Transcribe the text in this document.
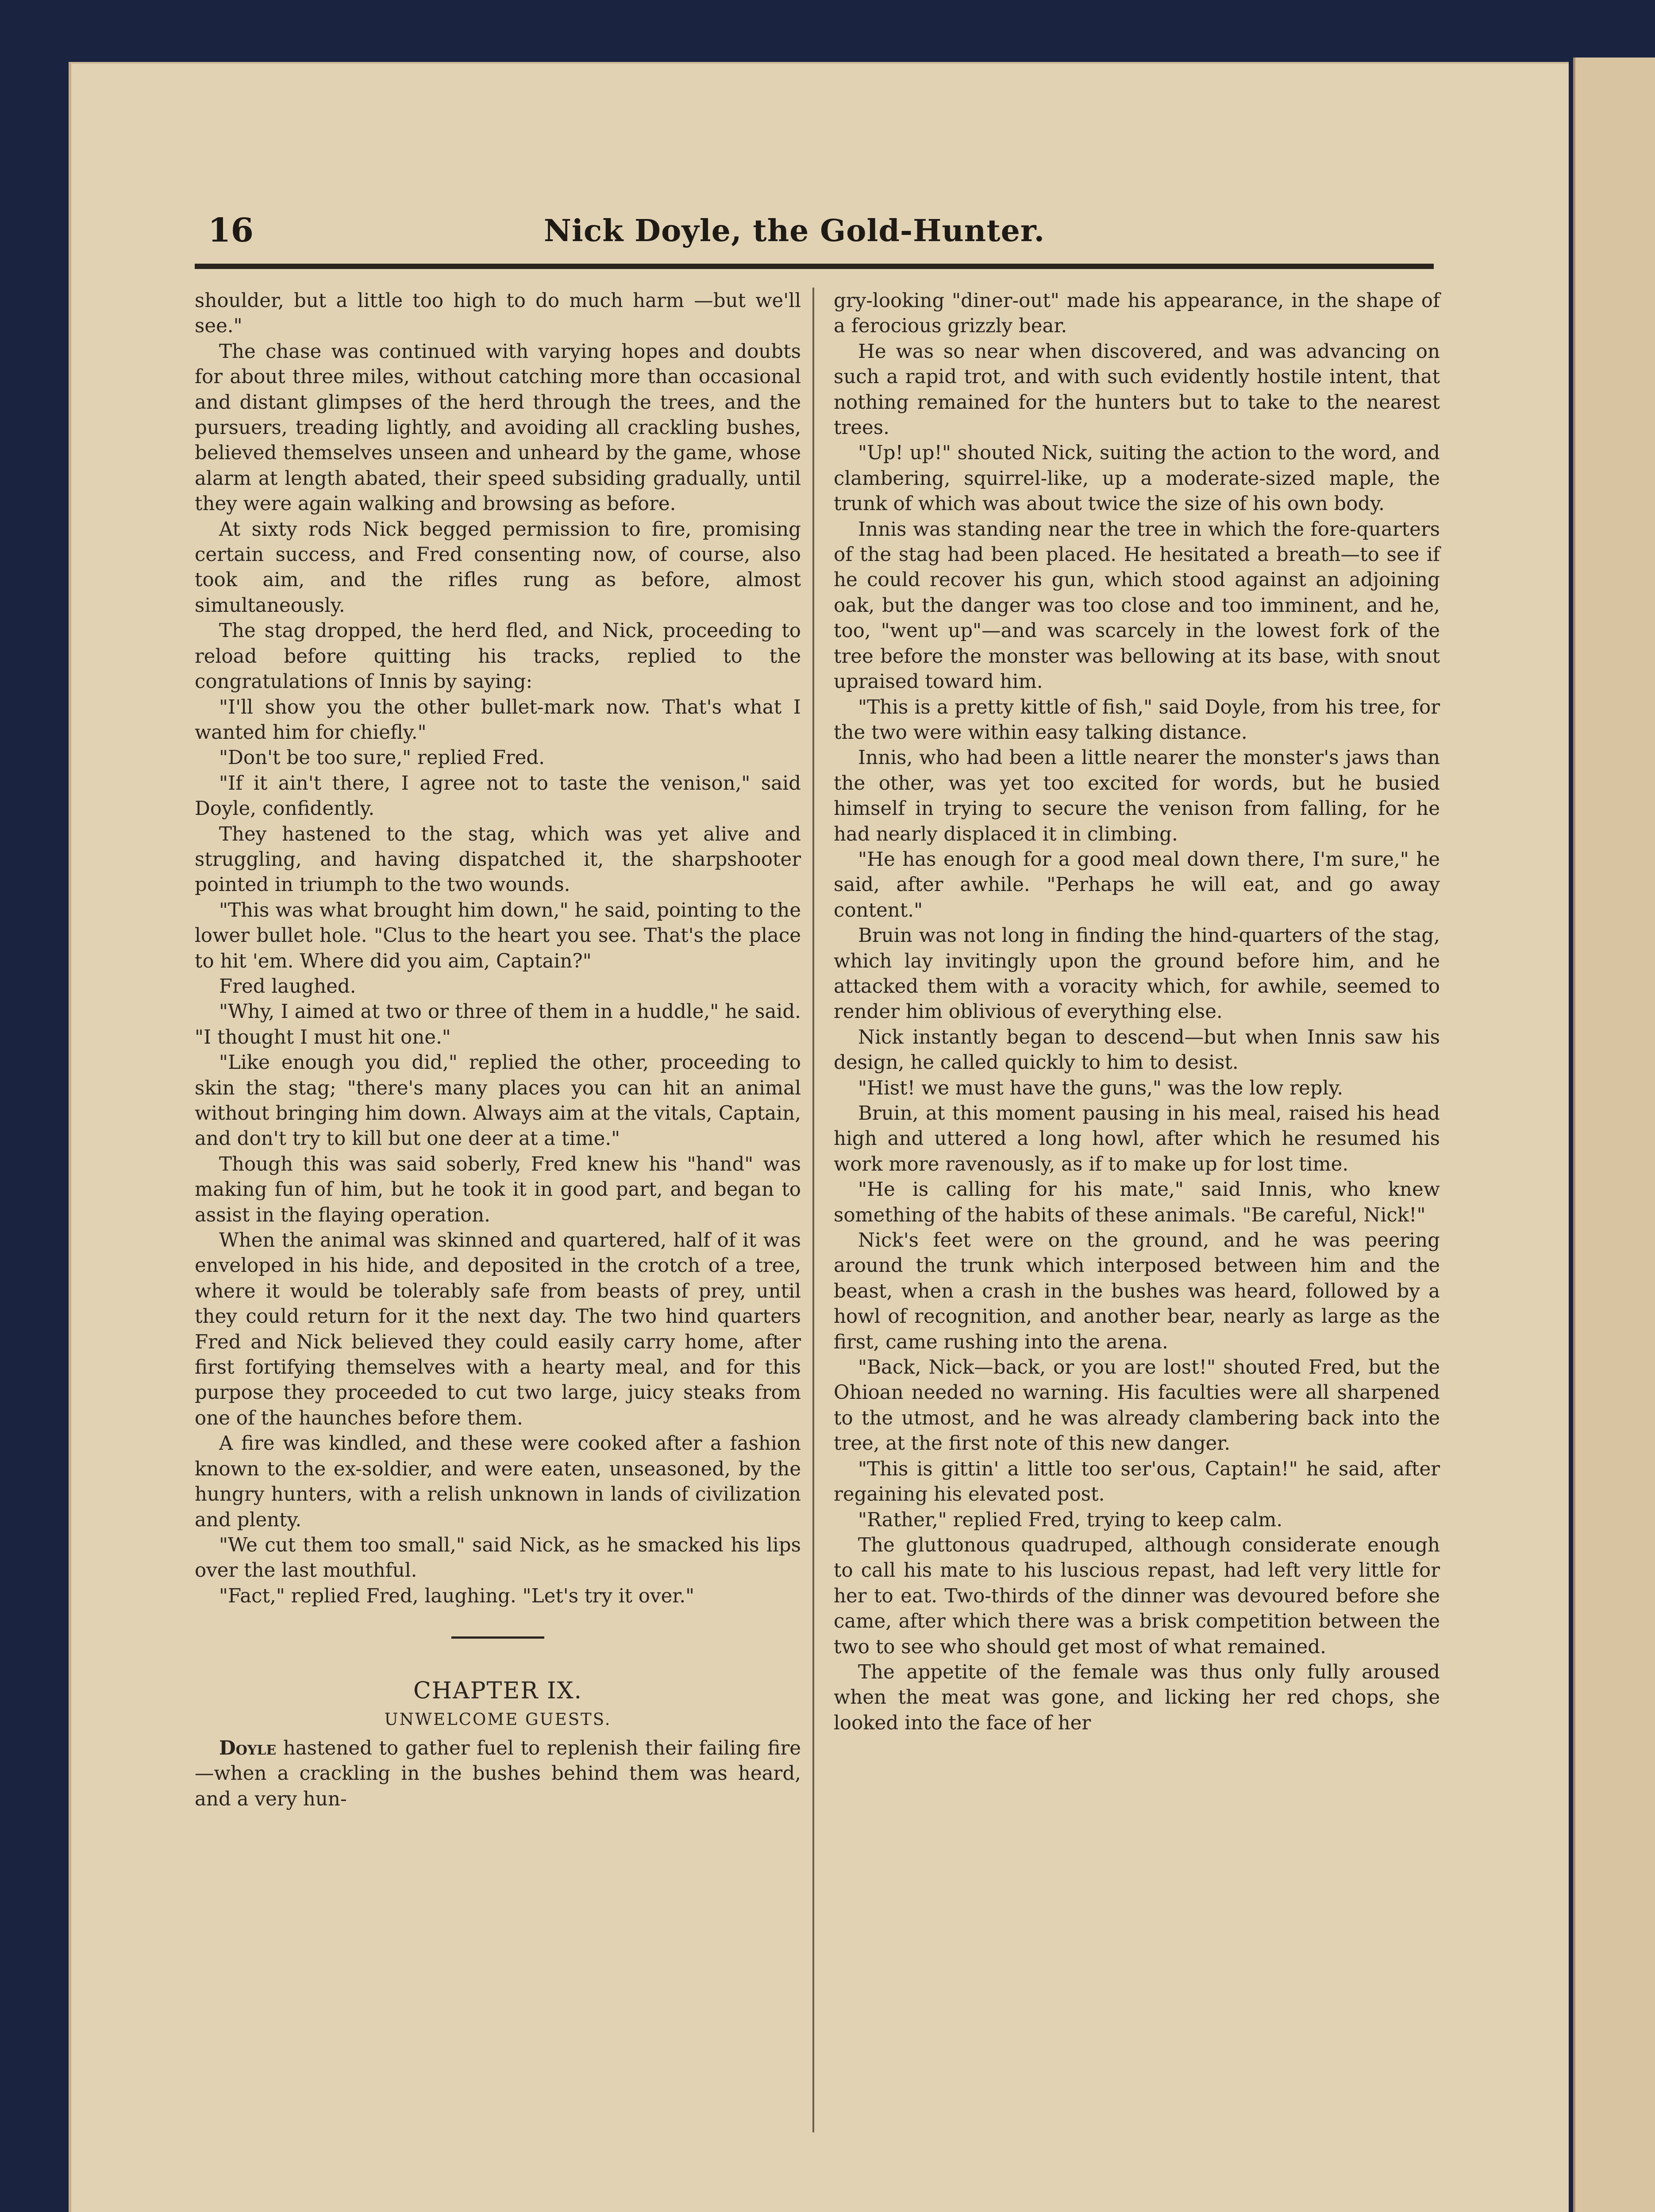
16	Nick Doyle, the Gold-Hunter.

shoulder, but a little too high to do much harm —but we'll see."

The chase was continued with varying hopes and doubts for about three miles, without catching more than occasional and distant glimpses of the herd through the trees, and the pursuers, treading lightly, and avoiding all crackling bushes, believed themselves unseen and unheard by the game, whose alarm at length abated, their speed subsiding gradually, until they were again walking and browsing as before.

At sixty rods Nick begged permission to fire, promising certain success, and Fred consenting now, of course, also took aim, and the rifles rung as before, almost simultaneously.

The stag dropped, the herd fled, and Nick, proceeding to reload before quitting his tracks, replied to the congratulations of Innis by saying:

"I'll show you the other bullet-mark now. That's what I wanted him for chiefly."

"Don't be too sure," replied Fred.

"If it ain't there, I agree not to taste the venison," said Doyle, confidently.

They hastened to the stag, which was yet alive and struggling, and having dispatched it, the sharpshooter pointed in triumph to the two wounds.

"This was what brought him down," he said, pointing to the lower bullet hole. "Clus to the heart you see. That's the place to hit 'em. Where did you aim, Captain?"

Fred laughed.

"Why, I aimed at two or three of them in a huddle," he said. "I thought I must hit one."

"Like enough you did," replied the other, proceeding to skin the stag; "there's many places you can hit an animal without bringing him down. Always aim at the vitals, Captain, and don't try to kill but one deer at a time."

Though this was said soberly, Fred knew his "hand" was making fun of him, but he took it in good part, and began to assist in the flaying operation.

When the animal was skinned and quartered, half of it was enveloped in his hide, and deposited in the crotch of a tree, where it would be tolerably safe from beasts of prey, until they could return for it the next day. The two hind quarters Fred and Nick believed they could easily carry home, after first fortifying themselves with a hearty meal, and for this purpose they proceeded to cut two large, juicy steaks from one of the haunches before them.

A fire was kindled, and these were cooked after a fashion known to the ex-soldier, and were eaten, unseasoned, by the hungry hunters, with a relish unknown in lands of civilization and plenty.

"We cut them too small," said Nick, as he smacked his lips over the last mouthful.

"Fact," replied Fred, laughing. "Let's try it over."

CHAPTER IX.
UNWELCOME GUESTS.

Doyle hastened to gather fuel to replenish their failing fire—when a crackling in the bushes behind them was heard, and a very hun-

gry-looking "diner-out" made his appearance, in the shape of a ferocious grizzly bear.

He was so near when discovered, and was advancing on such a rapid trot, and with such evidently hostile intent, that nothing remained for the hunters but to take to the nearest trees.

"Up! up!" shouted Nick, suiting the action to the word, and clambering, squirrel-like, up a moderate-sized maple, the trunk of which was about twice the size of his own body.

Innis was standing near the tree in which the fore-quarters of the stag had been placed. He hesitated a breath—to see if he could recover his gun, which stood against an adjoining oak, but the danger was too close and too imminent, and he, too, "went up"—and was scarcely in the lowest fork of the tree before the monster was bellowing at its base, with snout upraised toward him.

"This is a pretty kittle of fish," said Doyle, from his tree, for the two were within easy talking distance.

Innis, who had been a little nearer the monster's jaws than the other, was yet too excited for words, but he busied himself in trying to secure the venison from falling, for he had nearly displaced it in climbing.

"He has enough for a good meal down there, I'm sure," he said, after awhile. "Perhaps he will eat, and go away content."

Bruin was not long in finding the hind-quarters of the stag, which lay invitingly upon the ground before him, and he attacked them with a voracity which, for awhile, seemed to render him oblivious of everything else.

Nick instantly began to descend—but when Innis saw his design, he called quickly to him to desist.

"Hist! we must have the guns," was the low reply.

Bruin, at this moment pausing in his meal, raised his head high and uttered a long howl, after which he resumed his work more ravenously, as if to make up for lost time.

"He is calling for his mate," said Innis, who knew something of the habits of these animals. "Be careful, Nick!"

Nick's feet were on the ground, and he was peering around the trunk which interposed between him and the beast, when a crash in the bushes was heard, followed by a howl of recognition, and another bear, nearly as large as the first, came rushing into the arena.

"Back, Nick—back, or you are lost!" shouted Fred, but the Ohioan needed no warning. His faculties were all sharpened to the utmost, and he was already clambering back into the tree, at the first note of this new danger.

"This is gittin' a little too ser'ous, Captain!" he said, after regaining his elevated post.

"Rather," replied Fred, trying to keep calm.

The gluttonous quadruped, although considerate enough to call his mate to his luscious repast, had left very little for her to eat. Two-thirds of the dinner was devoured before she came, after which there was a brisk competition between the two to see who should get most of what remained.

The appetite of the female was thus only fully aroused when the meat was gone, and licking her red chops, she looked into the face of her
